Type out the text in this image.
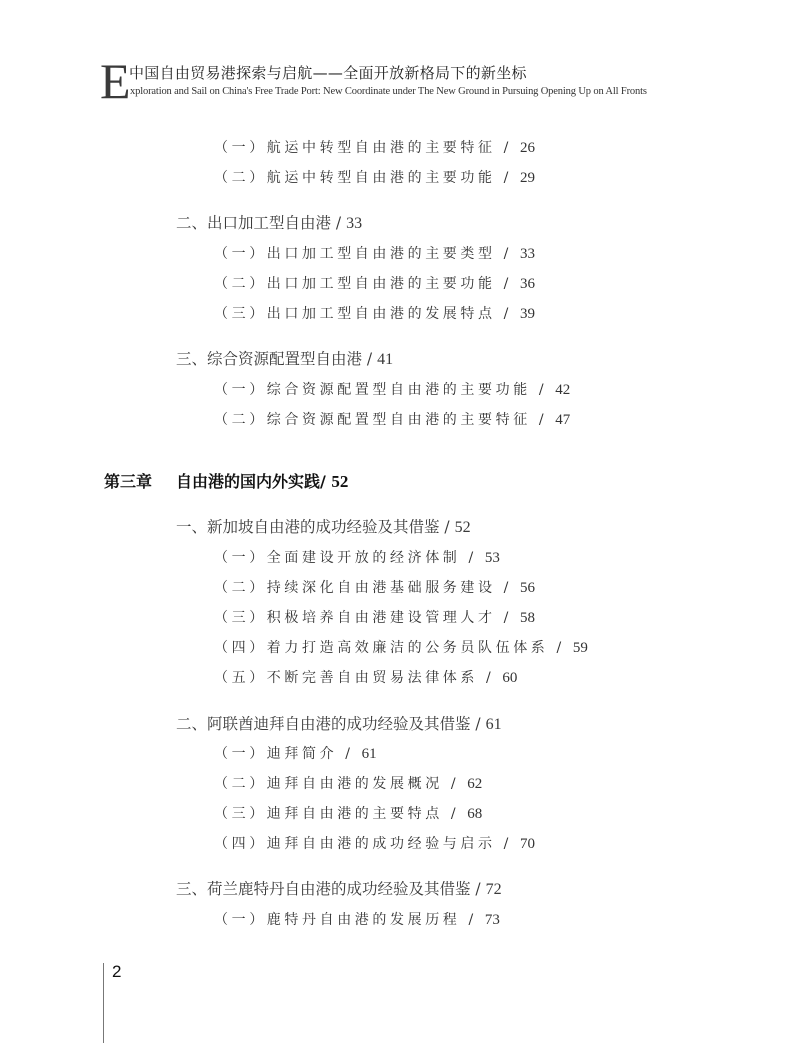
E
中国自由贸易港探索与启航——全面开放新格局下的新坐标
xploration and Sail on China's Free Trade Port: New Coordinate under The New Ground in Pursuing Opening Up on All Fronts
（一）航运中转型自由港的主要特征 / 26
（二）航运中转型自由港的主要功能 / 29
二、出口加工型自由港 / 33
（一）出口加工型自由港的主要类型 / 33
（二）出口加工型自由港的主要功能 / 36
（三）出口加工型自由港的发展特点 / 39
三、综合资源配置型自由港 / 41
（一）综合资源配置型自由港的主要功能 / 42
（二）综合资源配置型自由港的主要特征 / 47
第三章 自由港的国内外实践/ 52
一、新加坡自由港的成功经验及其借鉴 / 52
（一）全面建设开放的经济体制 / 53
（二）持续深化自由港基础服务建设 / 56
（三）积极培养自由港建设管理人才 / 58
（四）着力打造高效廉洁的公务员队伍体系 / 59
（五）不断完善自由贸易法律体系 / 60
二、阿联酋迪拜自由港的成功经验及其借鉴 / 61
（一）迪拜简介 / 61
（二）迪拜自由港的发展概况 / 62
（三）迪拜自由港的主要特点 / 68
（四）迪拜自由港的成功经验与启示 / 70
三、荷兰鹿特丹自由港的成功经验及其借鉴 / 72
（一）鹿特丹自由港的发展历程 / 73
2
